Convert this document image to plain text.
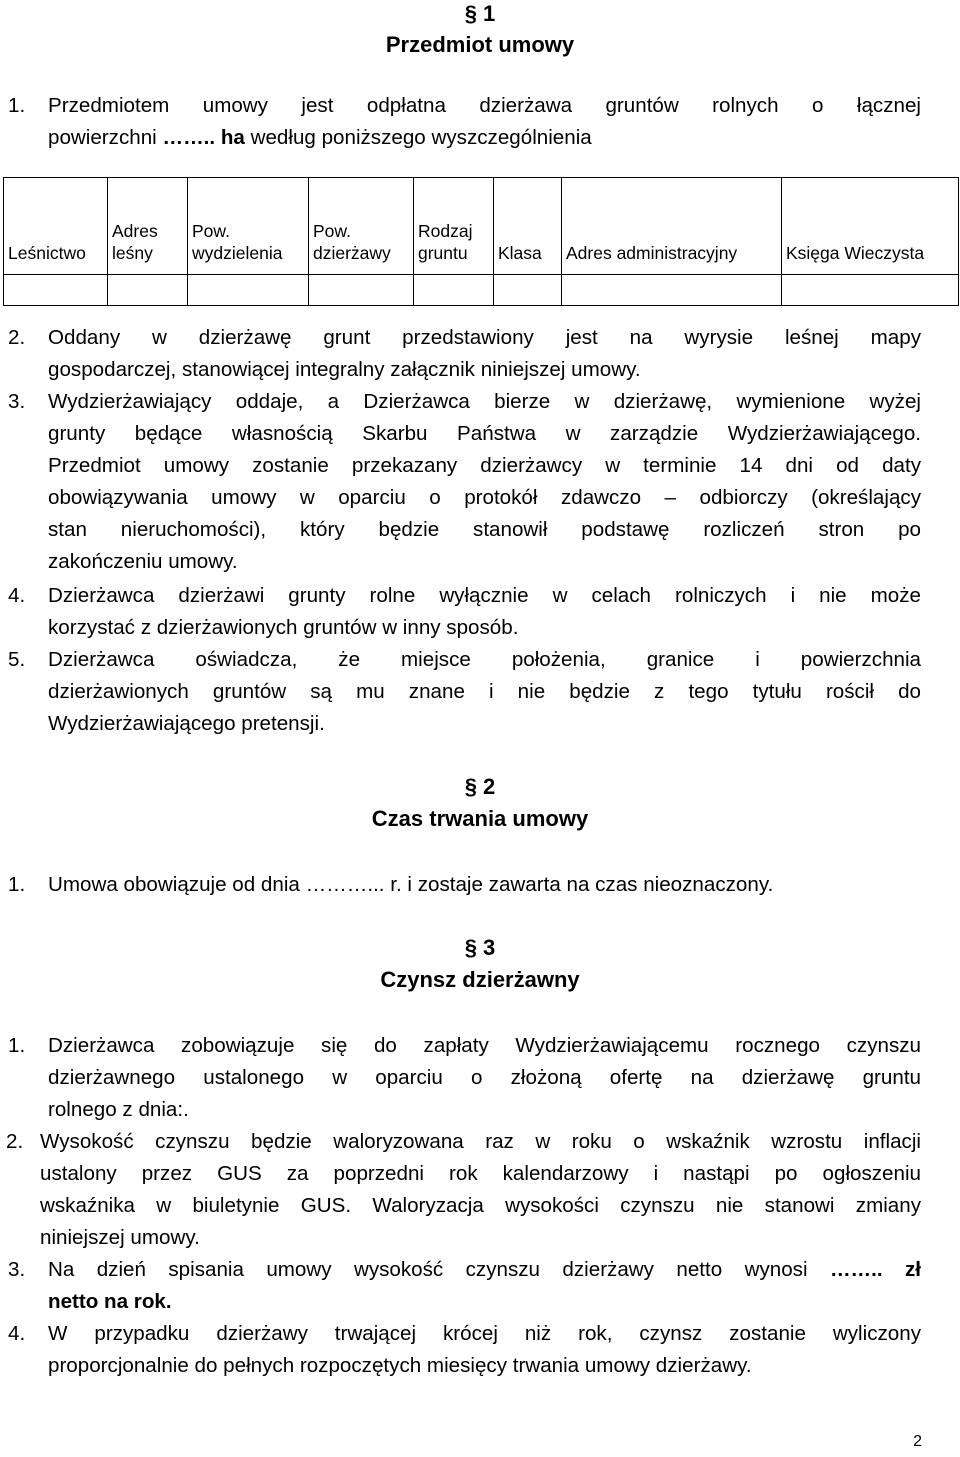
§ 1
Przedmiot umowy
1. Przedmiotem umowy jest odpłatna dzierżawa gruntów rolnych o łącznej
powierzchni …….. ha według poniższego wyszczególnienia
Leśnictwo	Adres leśny	Pow. wydzielenia	Pow. dzierżawy	Rodzaj gruntu	Klasa	Adres administracyjny	Księga Wieczysta

2. Oddany w dzierżawę grunt przedstawiony jest na wyrysie leśnej mapy
gospodarczej, stanowiącej integralny załącznik niniejszej umowy.
3. Wydzierżawiający oddaje, a Dzierżawca bierze w dzierżawę, wymienione wyżej
grunty będące własnością Skarbu Państwa w zarządzie Wydzierżawiającego.
Przedmiot umowy zostanie przekazany dzierżawcy w terminie 14 dni od daty
obowiązywania umowy w oparciu o protokół zdawczo – odbiorczy (określający
stan nieruchomości), który będzie stanowił podstawę rozliczeń stron po
zakończeniu umowy.
4. Dzierżawca dzierżawi grunty rolne wyłącznie w celach rolniczych i nie może
korzystać z dzierżawionych gruntów w inny sposób.
5. Dzierżawca oświadcza, że miejsce położenia, granice i powierzchnia
dzierżawionych gruntów są mu znane i nie będzie z tego tytułu rościł do
Wydzierżawiającego pretensji.
§ 2
Czas trwania umowy
1. Umowa obowiązuje od dnia ………... r. i zostaje zawarta na czas nieoznaczony.
§ 3
Czynsz dzierżawny
1. Dzierżawca zobowiązuje się do zapłaty Wydzierżawiającemu rocznego czynszu
dzierżawnego ustalonego w oparciu o złożoną ofertę na dzierżawę gruntu
rolnego z dnia:.
2. Wysokość czynszu będzie waloryzowana raz w roku o wskaźnik wzrostu inflacji
ustalony przez GUS za poprzedni rok kalendarzowy i nastąpi po ogłoszeniu
wskaźnika w biuletynie GUS. Waloryzacja wysokości czynszu nie stanowi zmiany
niniejszej umowy.
3. Na dzień spisania umowy wysokość czynszu dzierżawy netto wynosi …….. zł
netto na rok.
4. W przypadku dzierżawy trwającej krócej niż rok, czynsz zostanie wyliczony
proporcjonalnie do pełnych rozpoczętych miesięcy trwania umowy dzierżawy.
2
